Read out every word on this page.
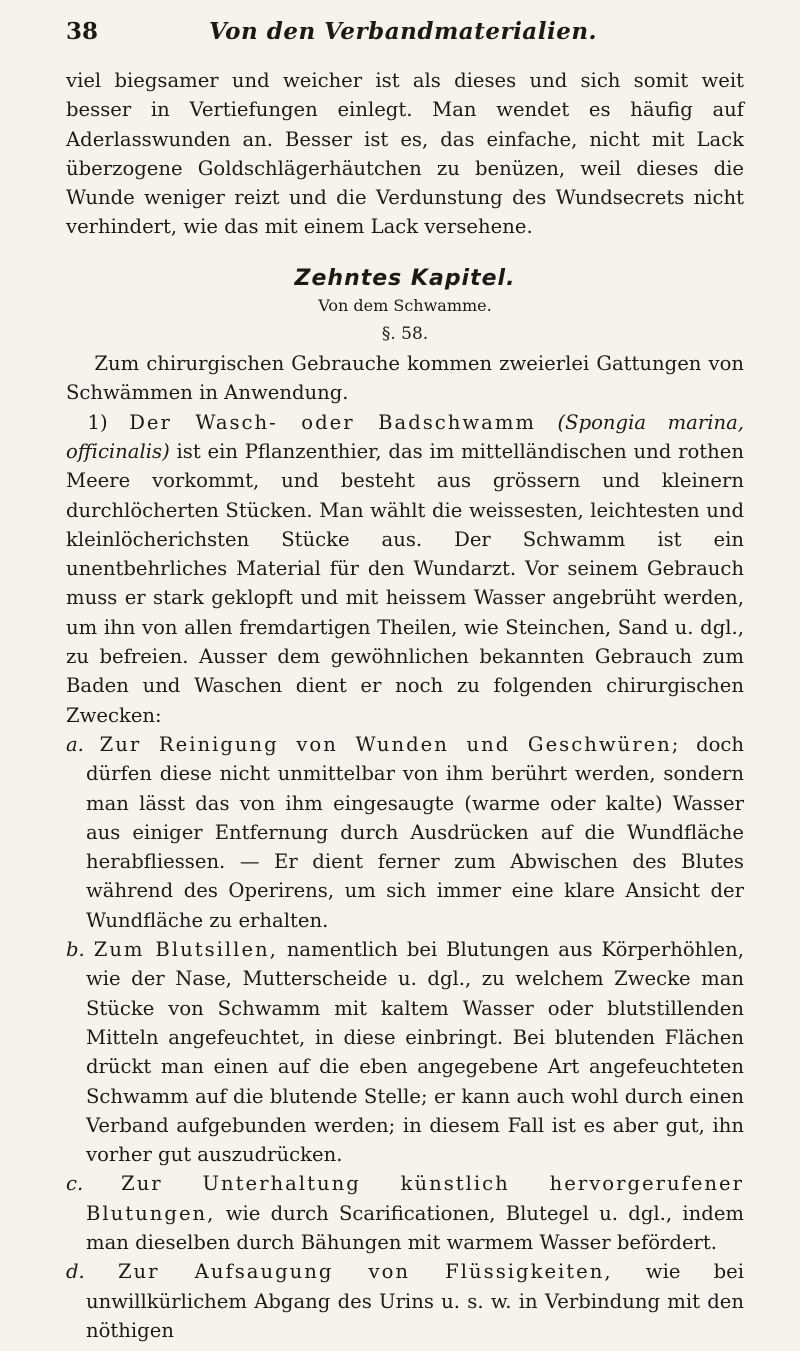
38	Von den Verbandmaterialien.

viel biegsamer und weicher ist als dieses und sich somit weit besser in Vertiefungen einlegt. Man wendet es häufig auf Aderlasswunden an. Besser ist es, das einfache, nicht mit Lack überzogene Goldschlägerhäutchen zu benüzen, weil dieses die Wunde weniger reizt und die Verdunstung des Wundsecrets nicht verhindert, wie das mit einem Lack versehene.

Zehntes Kapitel.
Von dem Schwamme.
§. 58.

Zum chirurgischen Gebrauche kommen zweierlei Gattungen von Schwämmen in Anwendung.

1) Der Wasch- oder Badschwamm (Spongia marina, officinalis) ist ein Pflanzenthier, das im mittelländischen und rothen Meere vorkommt, und besteht aus grössern und kleinern durchlöcherten Stücken. Man wählt die weissesten, leichtesten und kleinlöcherichsten Stücke aus. Der Schwamm ist ein unentbehrliches Material für den Wundarzt. Vor seinem Gebrauch muss er stark geklopft und mit heissem Wasser angebrüht werden, um ihn von allen fremdartigen Theilen, wie Steinchen, Sand u. dgl., zu befreien. Ausser dem gewöhnlichen bekannten Gebrauch zum Baden und Waschen dient er noch zu folgenden chirurgischen Zwecken:

a. Zur Reinigung von Wunden und Geschwüren; doch dürfen diese nicht unmittelbar von ihm berührt werden, sondern man lässt das von ihm eingesaugte (warme oder kalte) Wasser aus einiger Entfernung durch Ausdrücken auf die Wundfläche herabfliessen. — Er dient ferner zum Abwischen des Blutes während des Operirens, um sich immer eine klare Ansicht der Wundfläche zu erhalten.

b. Zum Blutsillen, namentlich bei Blutungen aus Körperhöhlen, wie der Nase, Mutterscheide u. dgl., zu welchem Zwecke man Stücke von Schwamm mit kaltem Wasser oder blutstillenden Mitteln angefeuchtet, in diese einbringt. Bei blutenden Flächen drückt man einen auf die eben angegebene Art angefeuchteten Schwamm auf die blutende Stelle; er kann auch wohl durch einen Verband aufgebunden werden; in diesem Fall ist es aber gut, ihn vorher gut auszudrücken.

c. Zur Unterhaltung künstlich hervorgerufener Blutungen, wie durch Scarificationen, Blutegel u. dgl., indem man dieselben durch Bähungen mit warmem Wasser befördert.

d. Zur Aufsaugung von Flüssigkeiten, wie bei unwillkürlichem Abgang des Urins u. s. w. in Verbindung mit den nöthigen
